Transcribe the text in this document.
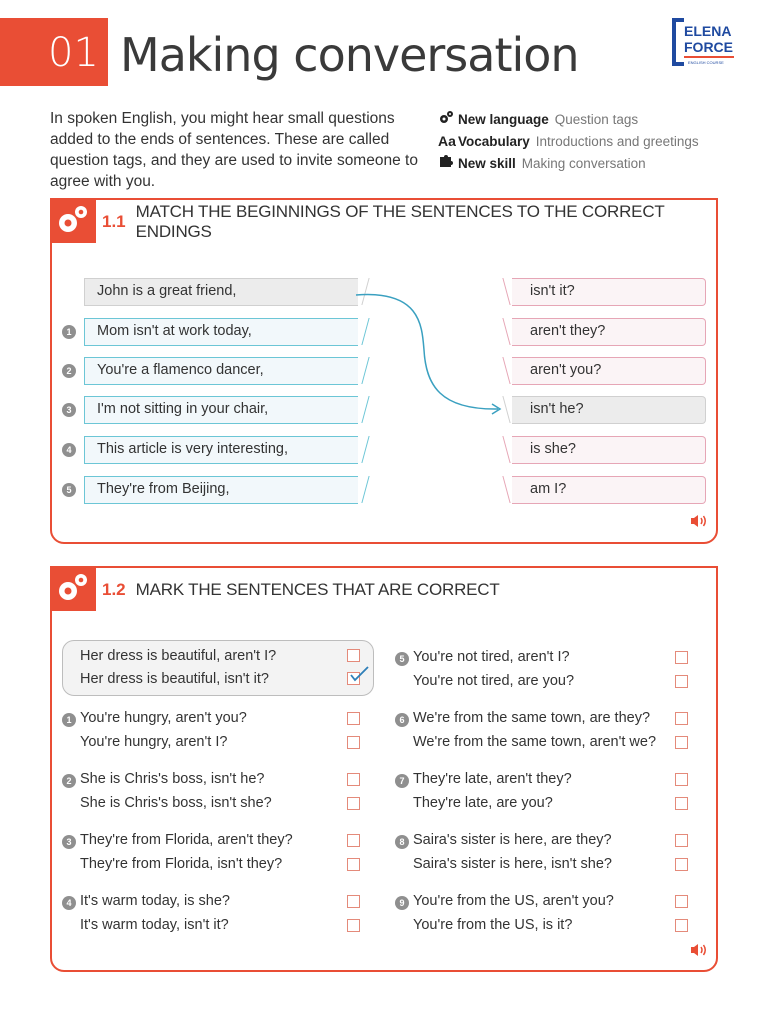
01 Making conversation	ELENA
FORCE
ENGLISH COURSE
In spoken English, you might hear small questions added to the ends of sentences. These are called question tags, and they are used to invite someone to agree with you.
New language Question tags
Aa Vocabulary Introductions and greetings
New skill Making conversation
1.1
MATCH THE BEGINNINGS OF THE SENTENCES TO THE CORRECT ENDINGS
John is a great friend,
1	Mom isn't at work today,
2	You're a flamenco dancer,
3	I'm not sitting in your chair,
4	This article is very interesting,
5	They're from Beijing,
isn't it?
aren't they?
aren't you?
isn't he?
is she?
am I?
1.2 MARK THE SENTENCES THAT ARE CORRECT
Her dress is beautiful, aren't I?
Her dress is beautiful, isn't it?
1 You're hungry, aren't you?
You're hungry, aren't I?
2 She is Chris's boss, isn't he?
She is Chris's boss, isn't she?
3 They're from Florida, aren't they?
They're from Florida, isn't they?
4 It's warm today, is she?
It's warm today, isn't it?
5 You're not tired, aren't I?
You're not tired, are you?
6 We're from the same town, are they?
We're from the same town, aren't we?
7 They're late, aren't they?
They're late, are you?
8 Saira's sister is here, are they?
Saira's sister is here, isn't she?
9 You're from the US, aren't you?
You're from the US, is it?
